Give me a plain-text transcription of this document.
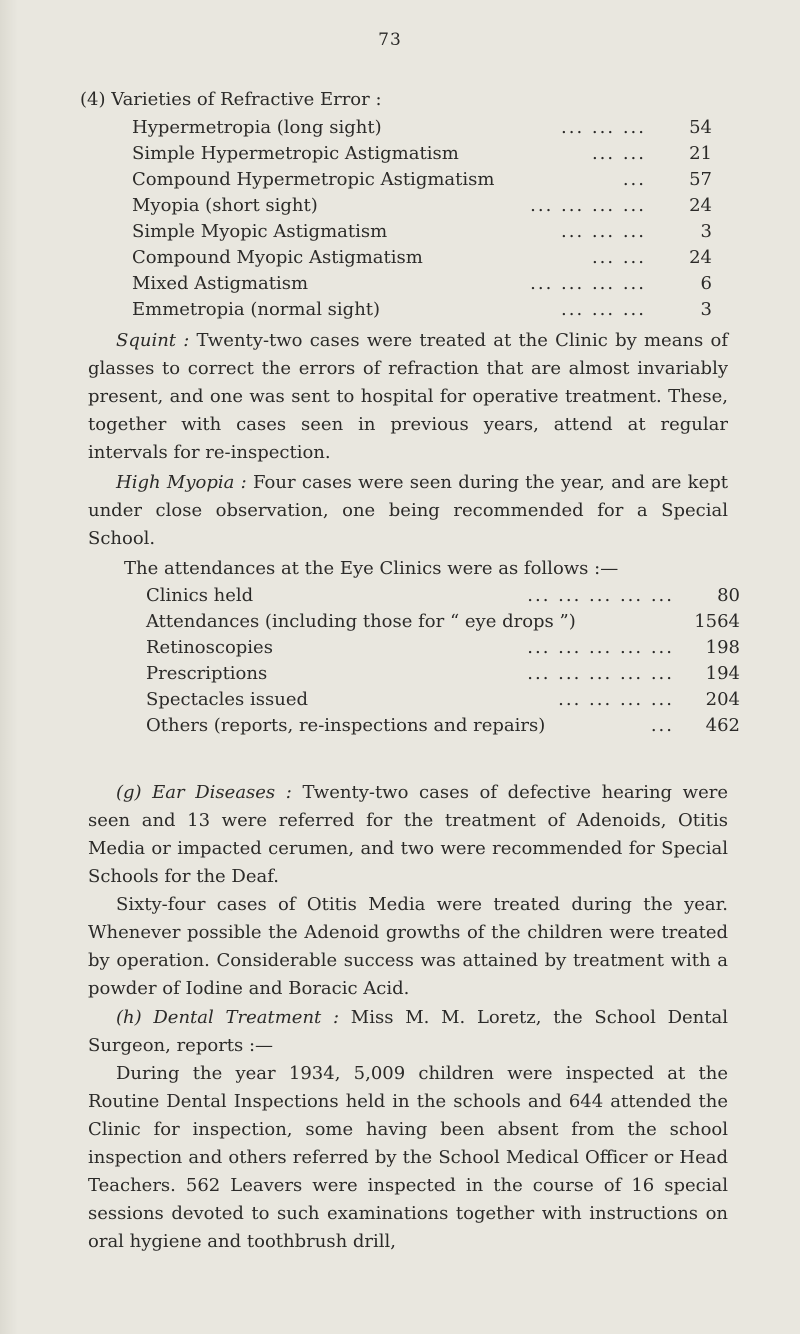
73
(4) Varieties of Refractive Error :
Hypermetropia (long sight)	... ... ...	54
Simple Hypermetropic Astigmatism	... ...	21
Compound Hypermetropic Astigmatism	...	57
Myopia (short sight)	... ... ... ...	24
Simple Myopic Astigmatism	... ... ...	3
Compound Myopic Astigmatism	... ...	24
Mixed Astigmatism	... ... ... ...	6
Emmetropia (normal sight)	... ... ...	3
Squint : Twenty-two cases were treated at the Clinic by means of glasses to correct the errors of refraction that are almost invariably present, and one was sent to hospital for operative treatment. These, together with cases seen in previous years, attend at regular intervals for re-inspection.
High Myopia : Four cases were seen during the year, and are kept under close observation, one being recommended for a Special School.
The attendances at the Eye Clinics were as follows :—
Clinics held	... ... ... ... ...	80
Attendances (including those for “ eye drops ”)	1564
Retinoscopies	... ... ... ... ...	198
Prescriptions	... ... ... ... ...	194
Spectacles issued	... ... ... ...	204
Others (reports, re-inspections and repairs)	...	462
(g) Ear Diseases : Twenty-two cases of defective hearing were seen and 13 were referred for the treatment of Adenoids, Otitis Media or impacted cerumen, and two were recommended for Special Schools for the Deaf.
Sixty-four cases of Otitis Media were treated during the year. Whenever possible the Adenoid growths of the children were treated by operation. Considerable success was attained by treatment with a powder of Iodine and Boracic Acid.
(h) Dental Treatment : Miss M. M. Loretz, the School Dental Surgeon, reports :—
During the year 1934, 5,009 children were inspected at the Routine Dental Inspections held in the schools and 644 attended the Clinic for inspection, some having been absent from the school inspection and others referred by the School Medical Officer or Head Teachers. 562 Leavers were inspected in the course of 16 special sessions devoted to such examinations together with instructions on oral hygiene and toothbrush drill,
